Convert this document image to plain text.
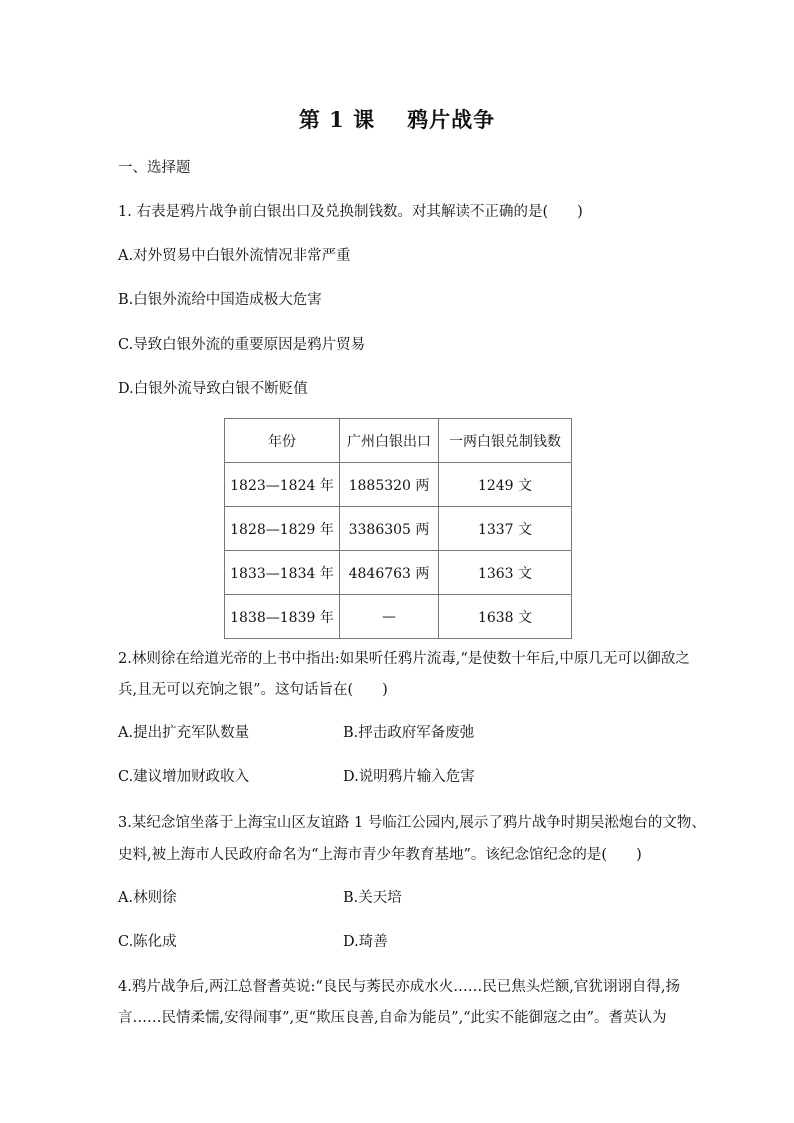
第 1 课 鸦片战争
一、选择题
1. 右表是鸦片战争前白银出口及兑换制钱数。对其解读不正确的是(　　)
A.对外贸易中白银外流情况非常严重
B.白银外流给中国造成极大危害
C.导致白银外流的重要原因是鸦片贸易
D.白银外流导致白银不断贬值
年份	广州白银出口	一两白银兑制钱数
1823—1824 年	1885320 两	1249 文
1828—1829 年	3386305 两	1337 文
1833—1834 年	4846763 两	1363 文
1838—1839 年	—	1638 文
2.林则徐在给道光帝的上书中指出:如果听任鸦片流毒,“是使数十年后,中原几无可以御敌之
兵,且无可以充饷之银”。这句话旨在(　　)
A.提出扩充军队数量	B.抨击政府军备废弛
C.建议增加财政收入	D.说明鸦片输入危害
3.某纪念馆坐落于上海宝山区友谊路 1 号临江公园内,展示了鸦片战争时期吴淞炮台的文物、
史料,被上海市人民政府命名为“上海市青少年教育基地”。该纪念馆纪念的是(　　)
A.林则徐	B.关天培
C.陈化成	D.琦善
4.鸦片战争后,两江总督耆英说:“良民与莠民亦成水火……民已焦头烂额,官犹诩诩自得,扬
言……民情柔懦,安得闹事”,更“欺压良善,自命为能员”,“此实不能御寇之由”。耆英认为
